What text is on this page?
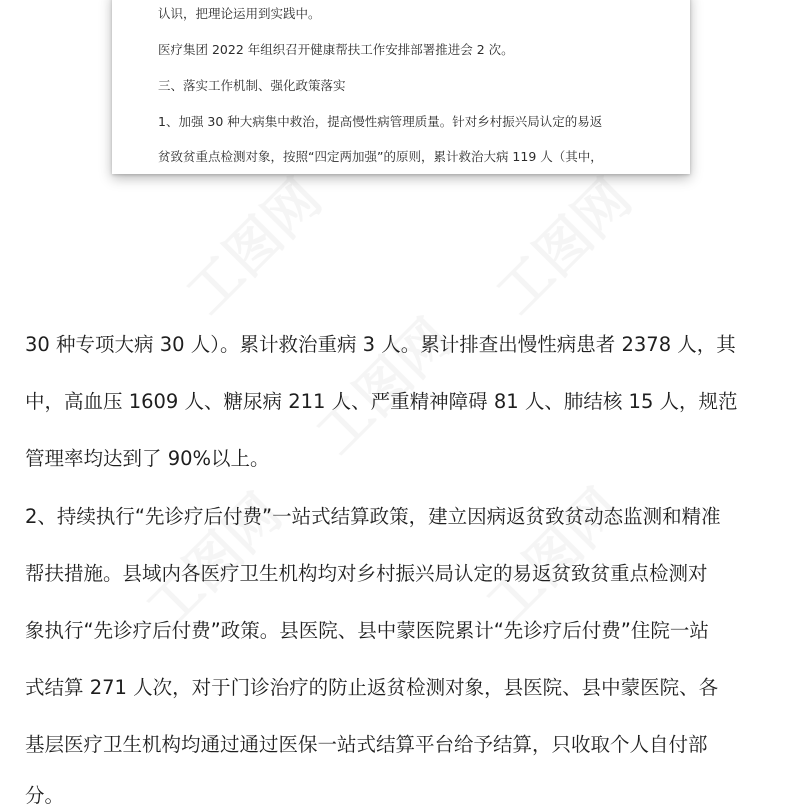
工图网	工图网
工图网
工图网	工图网
认识，把理论运用到实践中。
医疗集团 2022 年组织召开健康帮扶工作安排部署推进会 2 次。
三、落实工作机制、强化政策落实
1、加强 30 种大病集中救治，提高慢性病管理质量。针对乡村振兴局认定的易返
贫致贫重点检测对象，按照“四定两加强”的原则，累计救治大病 119 人（其中，
30 种专项大病 30 人）。累计救治重病 3 人。累计排查出慢性病患者 2378 人，其
中，高血压 1609 人、糖尿病 211 人、严重精神障碍 81 人、肺结核 15 人，规范
管理率均达到了 90%以上。
2、持续执行“先诊疗后付费”一站式结算政策，建立因病返贫致贫动态监测和精准
帮扶措施。县域内各医疗卫生机构均对乡村振兴局认定的易返贫致贫重点检测对
象执行“先诊疗后付费”政策。县医院、县中蒙医院累计“先诊疗后付费”住院一站
式结算 271 人次，对于门诊治疗的防止返贫检测对象，县医院、县中蒙医院、各
基层医疗卫生机构均通过通过医保一站式结算平台给予结算，只收取个人自付部
分。
